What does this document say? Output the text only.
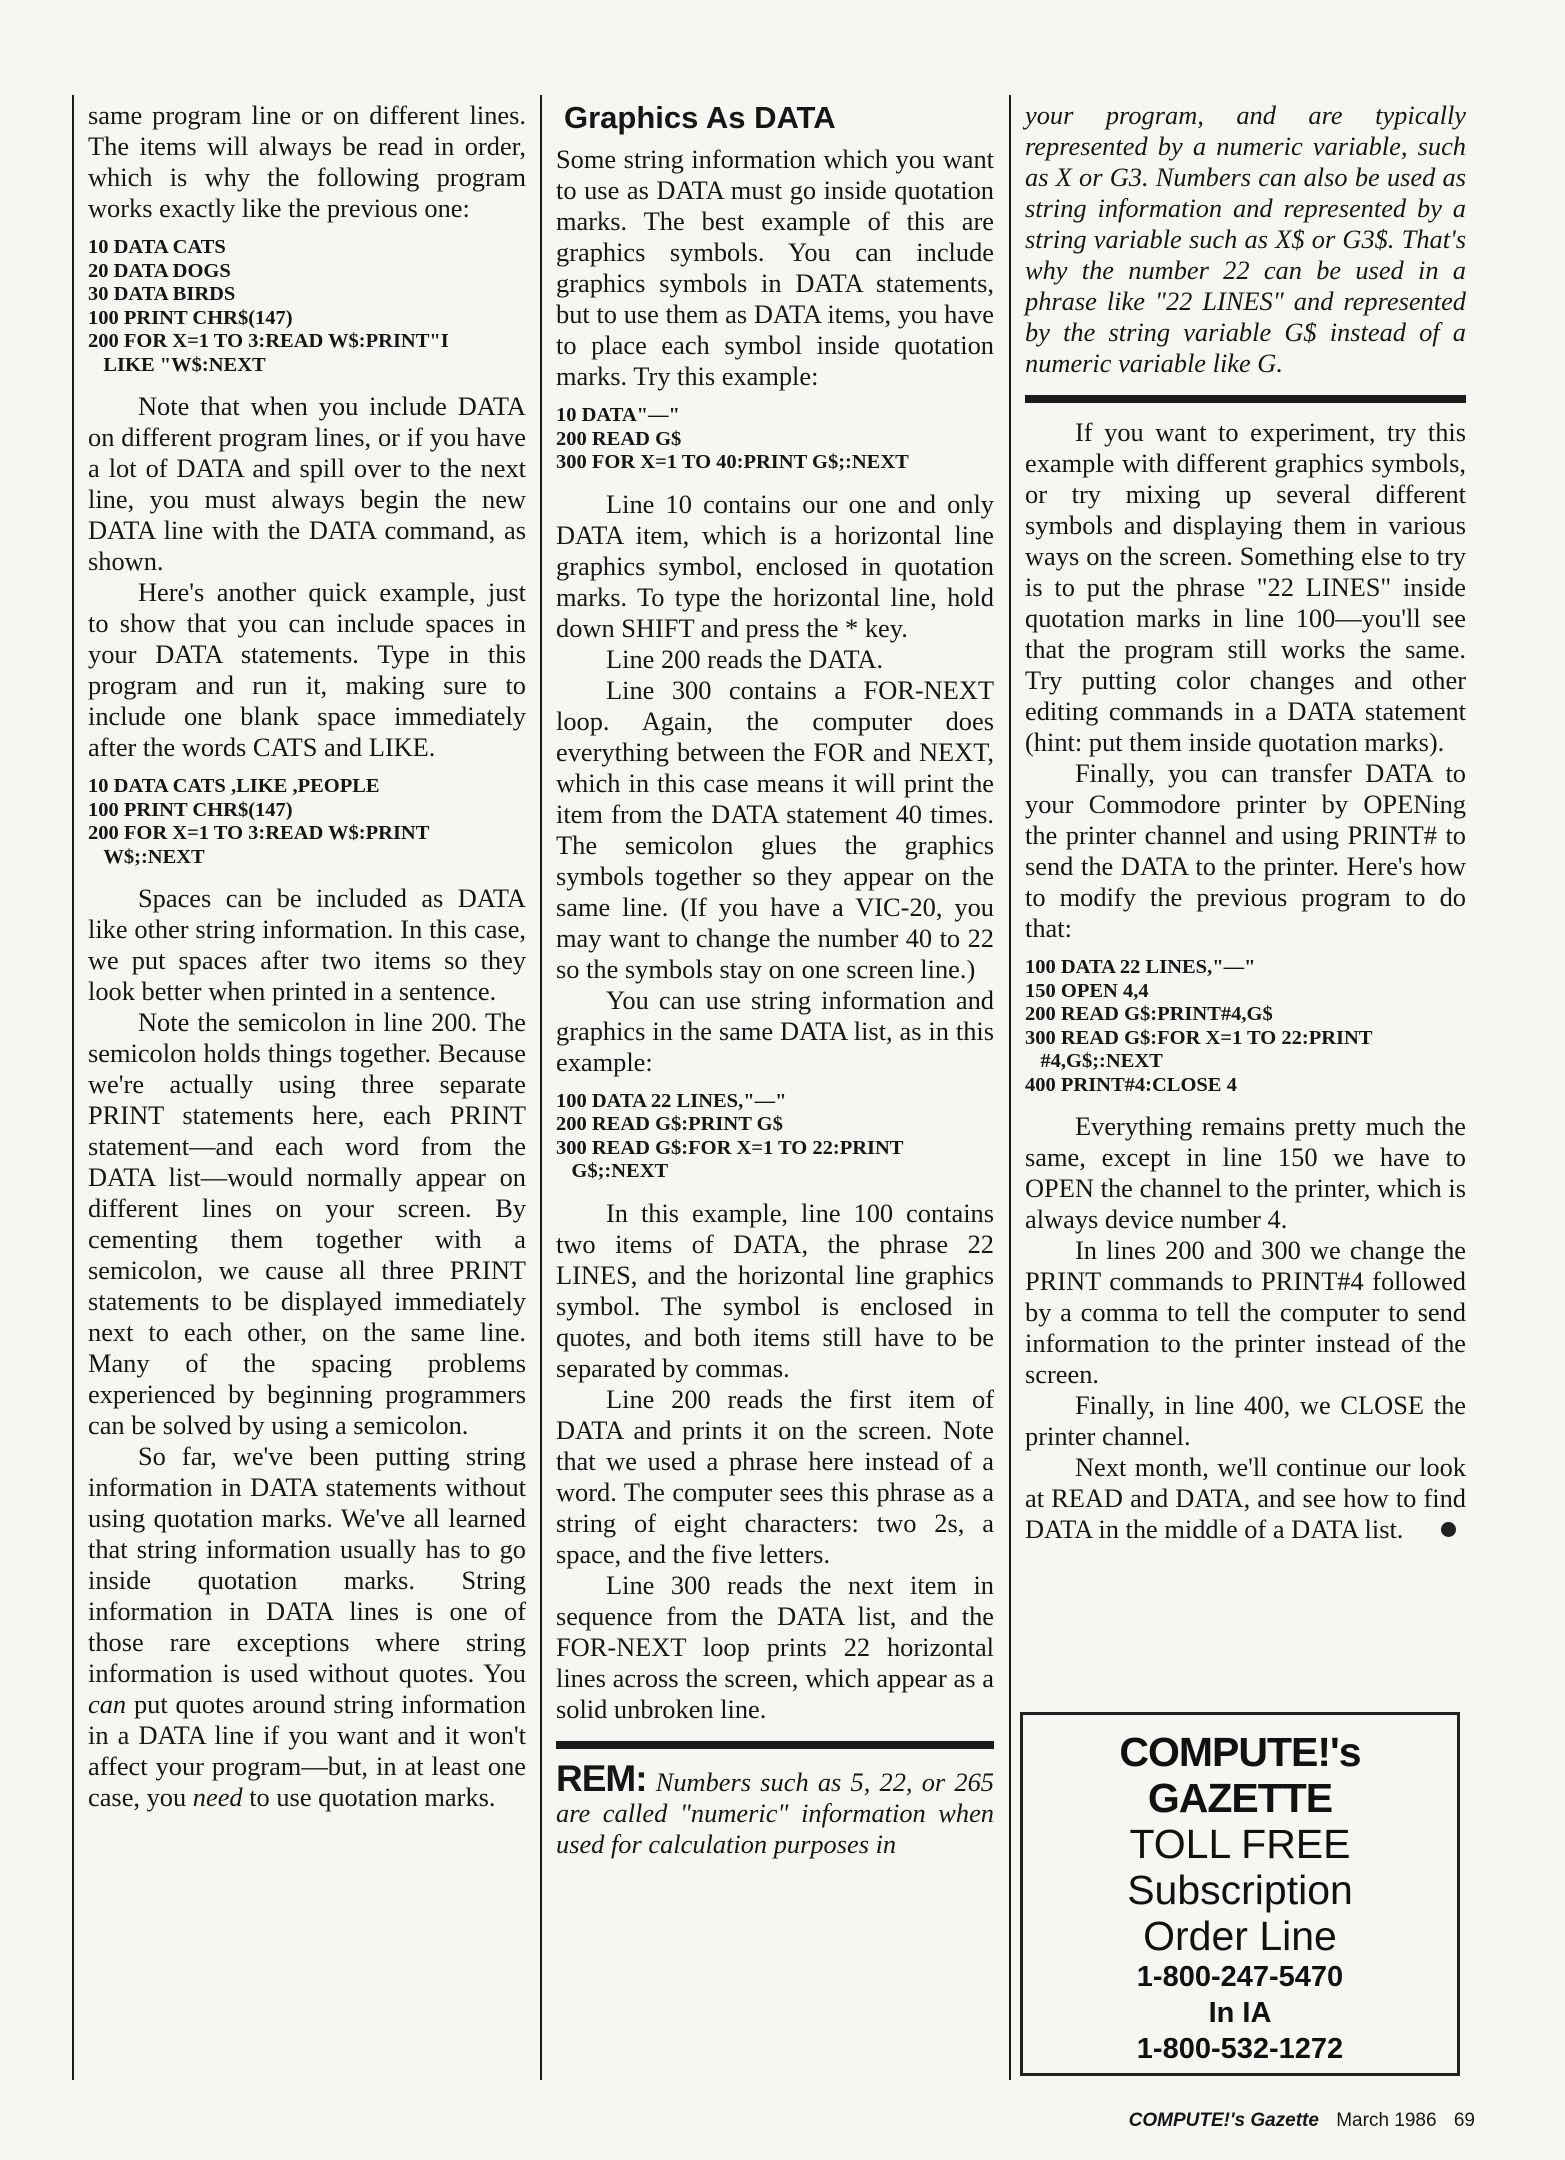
same program line or on different lines. The items will always be read in order, which is why the following program works exactly like the previous one:

10 DATA CATS
20 DATA DOGS
30 DATA BIRDS
100 PRINT CHR$(147)
200 FOR X=1 TO 3:READ W$:PRINT"I
LIKE "W$:NEXT

Note that when you include DATA on different program lines, or if you have a lot of DATA and spill over to the next line, you must always begin the new DATA line with the DATA command, as shown.

Here's another quick example, just to show that you can include spaces in your DATA statements. Type in this program and run it, making sure to include one blank space immediately after the words CATS and LIKE.

10 DATA CATS ,LIKE ,PEOPLE
100 PRINT CHR$(147)
200 FOR X=1 TO 3:READ W$:PRINT
W$;:NEXT

Spaces can be included as DATA like other string information. In this case, we put spaces after two items so they look better when printed in a sentence.

Note the semicolon in line 200. The semicolon holds things together. Because we're actually using three separate PRINT statements here, each PRINT statement—and each word from the DATA list—would normally appear on different lines on your screen. By cementing them together with a semicolon, we cause all three PRINT statements to be displayed immediately next to each other, on the same line. Many of the spacing problems experienced by beginning programmers can be solved by using a semicolon.

So far, we've been putting string information in DATA statements without using quotation marks. We've all learned that string information usually has to go inside quotation marks. String information in DATA lines is one of those rare exceptions where string information is used without quotes. You can put quotes around string information in a DATA line if you want and it won't affect your program—but, in at least one case, you need to use quotation marks.

Graphics As DATA

Some string information which you want to use as DATA must go inside quotation marks. The best example of this are graphics symbols. You can include graphics symbols in DATA statements, but to use them as DATA items, you have to place each symbol inside quotation marks. Try this example:

10 DATA"—"
200 READ G$
300 FOR X=1 TO 40:PRINT G$;:NEXT

Line 10 contains our one and only DATA item, which is a horizontal line graphics symbol, enclosed in quotation marks. To type the horizontal line, hold down SHIFT and press the * key.

Line 200 reads the DATA.

Line 300 contains a FOR-NEXT loop. Again, the computer does everything between the FOR and NEXT, which in this case means it will print the item from the DATA statement 40 times. The semicolon glues the graphics symbols together so they appear on the same line. (If you have a VIC-20, you may want to change the number 40 to 22 so the symbols stay on one screen line.)

You can use string information and graphics in the same DATA list, as in this example:

100 DATA 22 LINES,"—"
200 READ G$:PRINT G$
300 READ G$:FOR X=1 TO 22:PRINT
G$;:NEXT

In this example, line 100 contains two items of DATA, the phrase 22 LINES, and the horizontal line graphics symbol. The symbol is enclosed in quotes, and both items still have to be separated by commas.

Line 200 reads the first item of DATA and prints it on the screen. Note that we used a phrase here instead of a word. The computer sees this phrase as a string of eight characters: two 2s, a space, and the five letters.

Line 300 reads the next item in sequence from the DATA list, and the FOR-NEXT loop prints 22 horizontal lines across the screen, which appear as a solid unbroken line.

REM: Numbers such as 5, 22, or 265 are called "numeric" information when used for calculation purposes in

your program, and are typically represented by a numeric variable, such as X or G3. Numbers can also be used as string information and represented by a string variable such as X$ or G3$. That's why the number 22 can be used in a phrase like "22 LINES" and represented by the string variable G$ instead of a numeric variable like G.

If you want to experiment, try this example with different graphics symbols, or try mixing up several different symbols and displaying them in various ways on the screen. Something else to try is to put the phrase "22 LINES" inside quotation marks in line 100—you'll see that the program still works the same. Try putting color changes and other editing commands in a DATA statement (hint: put them inside quotation marks).

Finally, you can transfer DATA to your Commodore printer by OPENing the printer channel and using PRINT# to send the DATA to the printer. Here's how to modify the previous program to do that:

100 DATA 22 LINES,"—"
150 OPEN 4,4
200 READ G$:PRINT#4,G$
300 READ G$:FOR X=1 TO 22:PRINT
#4,G$;:NEXT
400 PRINT#4:CLOSE 4

Everything remains pretty much the same, except in line 150 we have to OPEN the channel to the printer, which is always device number 4.

In lines 200 and 300 we change the PRINT commands to PRINT#4 followed by a comma to tell the computer to send information to the printer instead of the screen.

Finally, in line 400, we CLOSE the printer channel.

Next month, we'll continue our look at READ and DATA, and see how to find DATA in the middle of a DATA list.

COMPUTE!'s
GAZETTE
TOLL FREE
Subscription
Order Line
1-800-247-5470
In IA
1-800-532-1272
COMPUTE!'s Gazette March 1986 69
